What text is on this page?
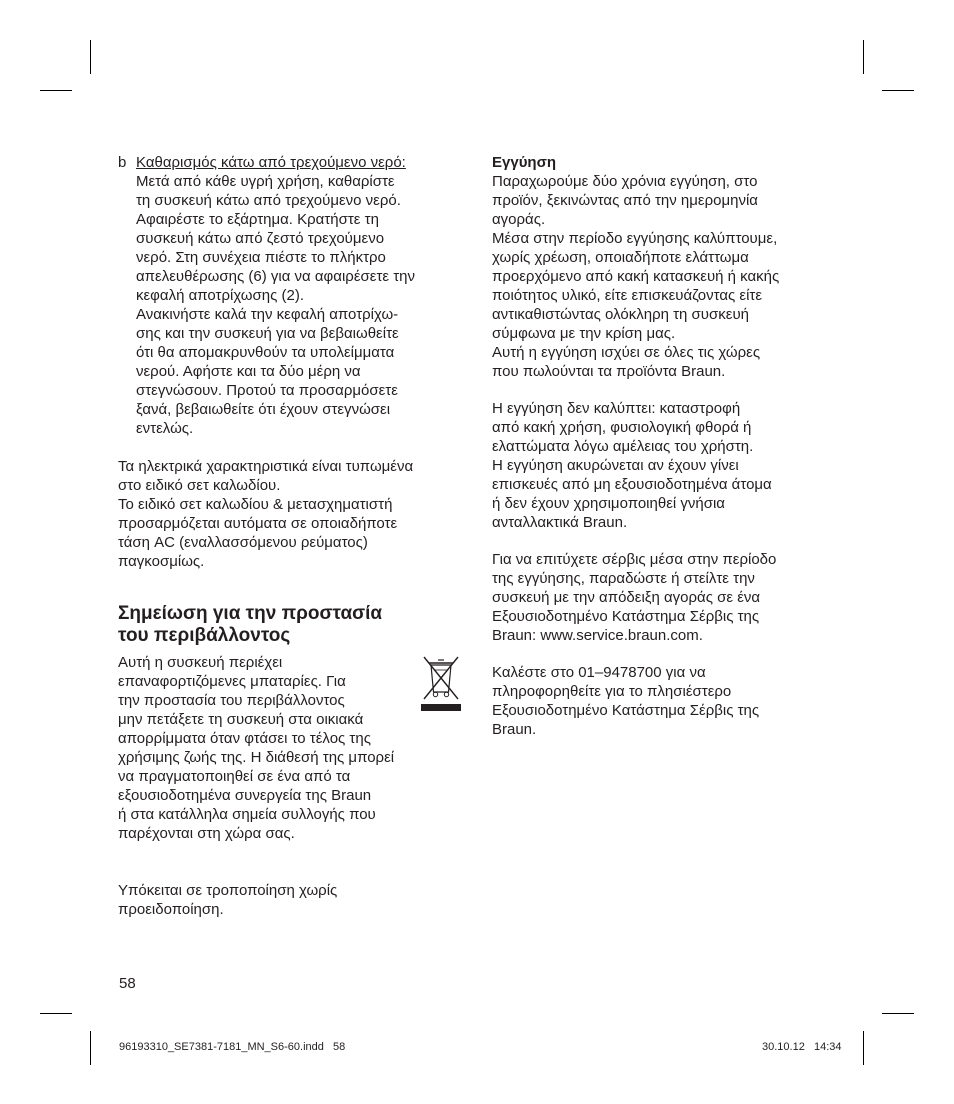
b Καθαρισμός κάτω από τρεχούμενο νερό:

Μετά από κάθε υγρή χρήση, καθαρίστε
τη συσκευή κάτω από τρεχούμενο νερό.
Αφαιρέστε το εξάρτημα. Κρατήστε τη
συσκευή κάτω από ζεστό τρεχούμενο
νερό. Στη συνέχεια πιέστε το πλήκτρο
απελευθέρωσης (6) για να αφαιρέσετε την
κεφαλή αποτρίχωσης (2).

Ανακινήστε καλά την κεφαλή αποτρίχω-
σης και την συσκευή για να βεβαιωθείτε
ότι θα απομακρυνθούν τα υπολείμματα
νερού. Αφήστε και τα δύο μέρη να
στεγνώσουν. Προτού τα προσαρμόσετε
ξανά, βεβαιωθείτε ότι έχουν στεγνώσει
εντελώς.

Τα ηλεκτρικά χαρακτηριστικά είναι τυπωμένα
στο ειδικό σετ καλωδίου.

Το ειδικό σετ καλωδίου & μετασχηματιστή
προσαρμόζεται αυτόματα σε οποιαδήποτε
τάση AC (εναλλασσόμενου ρεύματος)
παγκοσμίως.

Σημείωση για την προστασία
του περιβάλλοντος

Αυτή η συσκευή περιέχει
επαναφορτιζόμενες μπαταρίες. Για
την προστασία του περιβάλλοντος
μην πετάξετε τη συσκευή στα οικιακά

απορρίμματα όταν φτάσει το τέλος της
χρήσιμης ζωής της. Η διάθεσή της μπορεί
να πραγματοποιηθεί σε ένα από τα
εξουσιοδοτημένα συνεργεία της Braun
ή στα κατάλληλα σημεία συλλογής που
παρέχονται στη χώρα σας.

Υπόκειται σε τροποποίηση χωρίς
προειδοποίηση.

Εγγύηση

Παραχωρούμε δύο χρόνια εγγύηση, στο
προϊόν, ξεκινώντας από την ημερομηνία
αγοράς.

Μέσα στην περίοδο εγγύησης καλύπτουμε,
χωρίς χρέωση, οποιαδήποτε ελάττωμα
προερχόμενο από κακή κατασκευή ή κακής
ποιότητος υλικό, είτε επισκευάζοντας είτε
αντικαθιστώντας ολόκληρη τη συσκευή
σύμφωνα με την κρίση μας.

Αυτή η εγγύηση ισχύει σε όλες τις χώρες
που πωλούνται τα προϊόντα Braun.

Η εγγύηση δεν καλύπτει: καταστροφή
από κακή χρήση, φυσιολογική φθορά ή
ελαττώματα λόγω αμέλειας του χρήστη.

Η εγγύηση ακυρώνεται αν έχουν γίνει
επισκευές από μη εξουσιοδοτημένα άτομα
ή δεν έχουν χρησιμοποιηθεί γνήσια
ανταλλακτικά Braun.

Για να επιτύχετε σέρβις μέσα στην περίοδο
της εγγύησης, παραδώστε ή στείλτε την
συσκευή με την απόδειξη αγοράς σε ένα
Εξουσιοδοτημένο Κατάστημα Σέρβις της
Braun: www.service.braun.com.

Καλέστε στο 01–9478700 για να
πληροφορηθείτε για το πλησιέστερο
Εξουσιοδοτημένο Κατάστημα Σέρβις της
Braun.

58
96193310_SE7381-7181_MN_S6-60.indd   58	30.10.12   14:34
